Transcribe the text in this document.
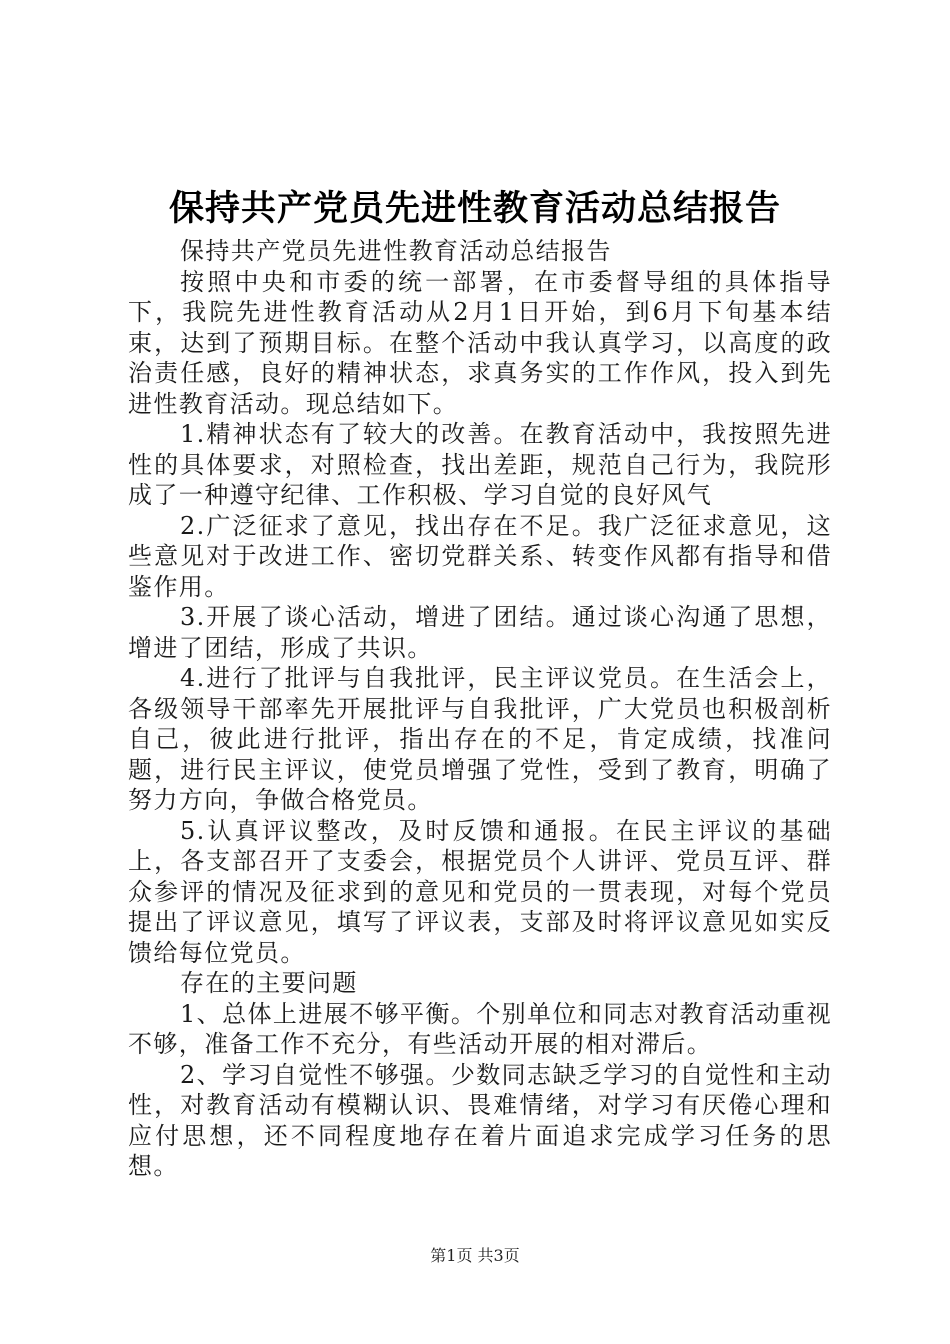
保持共产党员先进性教育活动总结报告

保持共产党员先进性教育活动总结报告

按照中央和市委的统一部署，在市委督导组的具体指导下，我院先进性教育活动从2月1日开始，到6月下旬基本结束，达到了预期目标。在整个活动中我认真学习，以高度的政治责任感，良好的精神状态，求真务实的工作作风，投入到先进性教育活动。现总结如下。

1.精神状态有了较大的改善。在教育活动中，我按照先进性的具体要求，对照检查，找出差距，规范自己行为，我院形成了一种遵守纪律、工作积极、学习自觉的良好风气

2.广泛征求了意见，找出存在不足。我广泛征求意见，这些意见对于改进工作、密切党群关系、转变作风都有指导和借鉴作用。

3.开展了谈心活动，增进了团结。通过谈心沟通了思想，增进了团结，形成了共识。

4.进行了批评与自我批评，民主评议党员。在生活会上，各级领导干部率先开展批评与自我批评，广大党员也积极剖析自己，彼此进行批评，指出存在的不足，肯定成绩，找准问题，进行民主评议，使党员增强了党性，受到了教育，明确了努力方向，争做合格党员。

5.认真评议整改，及时反馈和通报。在民主评议的基础上，各支部召开了支委会，根据党员个人讲评、党员互评、群众参评的情况及征求到的意见和党员的一贯表现，对每个党员提出了评议意见，填写了评议表，支部及时将评议意见如实反馈给每位党员。

存在的主要问题

1、总体上进展不够平衡。个别单位和同志对教育活动重视不够，准备工作不充分，有些活动开展的相对滞后。

2、学习自觉性不够强。少数同志缺乏学习的自觉性和主动性，对教育活动有模糊认识、畏难情绪，对学习有厌倦心理和应付思想，还不同程度地存在着片面追求完成学习任务的思想。

第1页 共3页
